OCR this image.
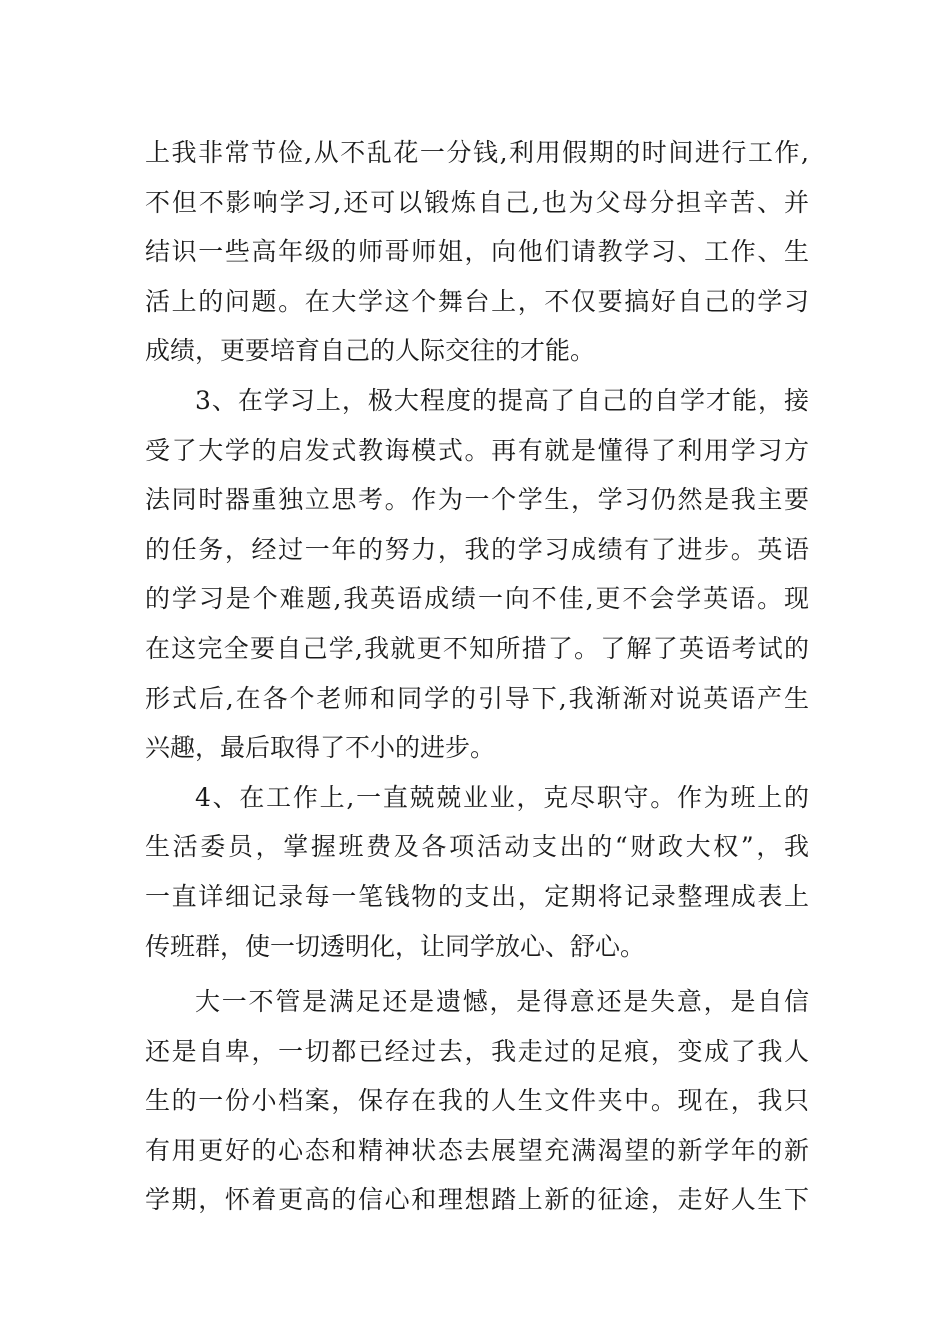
上我非常节俭,从不乱花一分钱,利用假期的时间进行工作,
不但不影响学习,还可以锻炼自己,也为父母分担辛苦、并
结识一些高年级的师哥师姐，向他们请教学习、工作、生
活上的问题。在大学这个舞台上，不仅要搞好自己的学习
成绩，更要培育自己的人际交往的才能。
3、在学习上，极大程度的提高了自己的自学才能，接
受了大学的启发式教诲模式。再有就是懂得了利用学习方
法同时器重独立思考。作为一个学生，学习仍然是我主要
的任务，经过一年的努力，我的学习成绩有了进步。英语
的学习是个难题,我英语成绩一向不佳,更不会学英语。现
在这完全要自己学,我就更不知所措了。了解了英语考试的
形式后,在各个老师和同学的引导下,我渐渐对说英语产生
兴趣，最后取得了不小的进步。
4、在工作上,一直兢兢业业，克尽职守。作为班上的
生活委员，掌握班费及各项活动支出的“财政大权”，我
一直详细记录每一笔钱物的支出，定期将记录整理成表上
传班群，使一切透明化，让同学放心、舒心。
大一不管是满足还是遗憾，是得意还是失意，是自信
还是自卑，一切都已经过去，我走过的足痕，变成了我人
生的一份小档案，保存在我的人生文件夹中。现在，我只
有用更好的心态和精神状态去展望充满渴望的新学年的新
学期，怀着更高的信心和理想踏上新的征途，走好人生下
